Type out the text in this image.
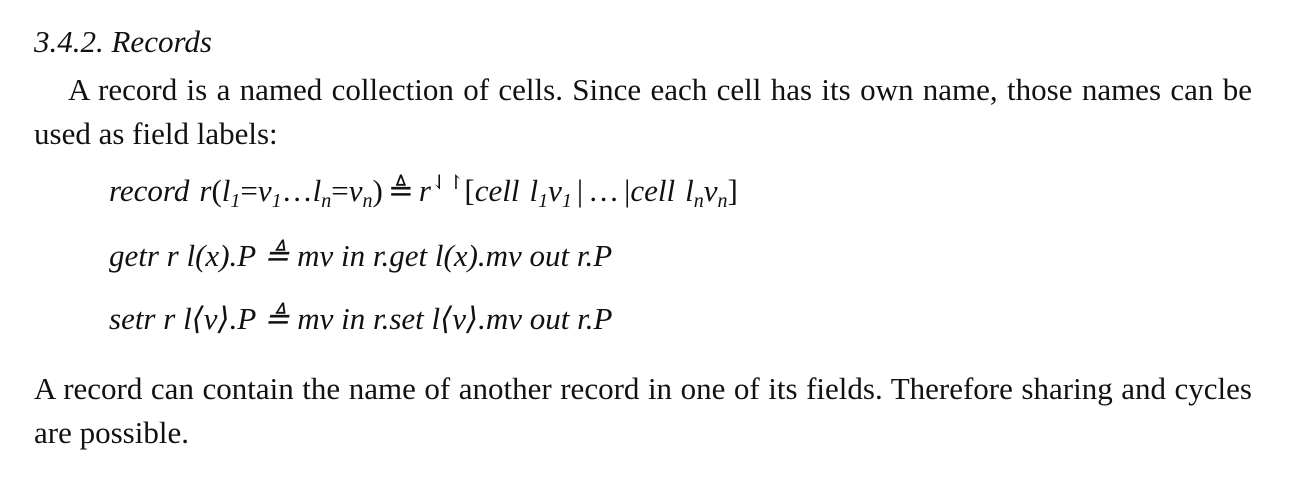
3.4.2. Records
A record is a named collection of cells. Since each cell has its own name, those names can be used as field labels:
record $r(l_1=v_1\dots l_n=v_n)$ ≜ r⇃↾[cell $l_1v_1$ | … |cell $l_nv_n$]
getr r l(x).P ≜ mv in r.get l(x).mv out r.P
setr r l⟨v⟩.P ≜ mv in r.set l⟨v⟩.mv out r.P
A record can contain the name of another record in one of its fields. Therefore sharing and cycles are possible.
